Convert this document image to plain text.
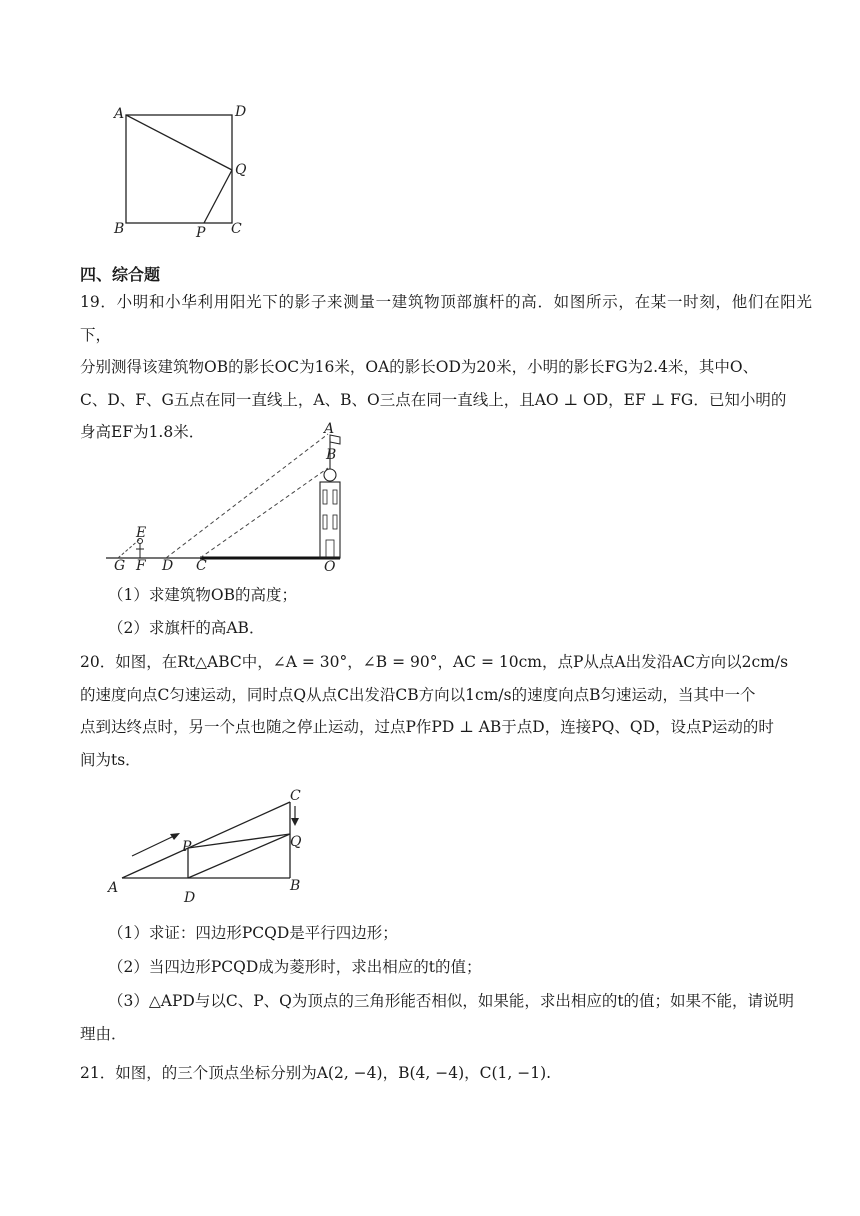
A	D
Q
B	P C
四、综合题
19．小明和小华利用阳光下的影子来测量一建筑物顶部旗杆的高．如图所示，在某一时刻，他们在阳光下，
分别测得该建筑物OB的影长OC为16米，OA的影长OD为20米，小明的影长FG为2.4米，其中O、
C、D、F、G五点在同一直线上，A、B、O三点在同一直线上，且AO ⊥ OD，EF ⊥ FG．已知小明的
身高EF为1.8米．	A
B
E
G F D C	O
（1）求建筑物OB的高度；
（2）求旗杆的高AB．
20．如图，在Rt△ABC中，∠A = 30°，∠B = 90°，AC = 10cm，点P从点A出发沿AC方向以2cm/s
的速度向点C匀速运动，同时点Q从点C出发沿CB方向以1cm/s的速度向点B匀速运动，当其中一个
点到达终点时，另一个点也随之停止运动，过点P作PD ⊥ AB于点D，连接PQ、QD，设点P运动的时
间为ts．
A
P
D
C
Q
B
（1）求证：四边形PCQD是平行四边形；
（2）当四边形PCQD成为菱形时，求出相应的t的值；
（3）△APD与以C、P、Q为顶点的三角形能否相似，如果能，求出相应的t的值；如果不能，请说明
理由．
21．如图，的三个顶点坐标分别为A(2, −4)，B(4, −4)，C(1, −1).
